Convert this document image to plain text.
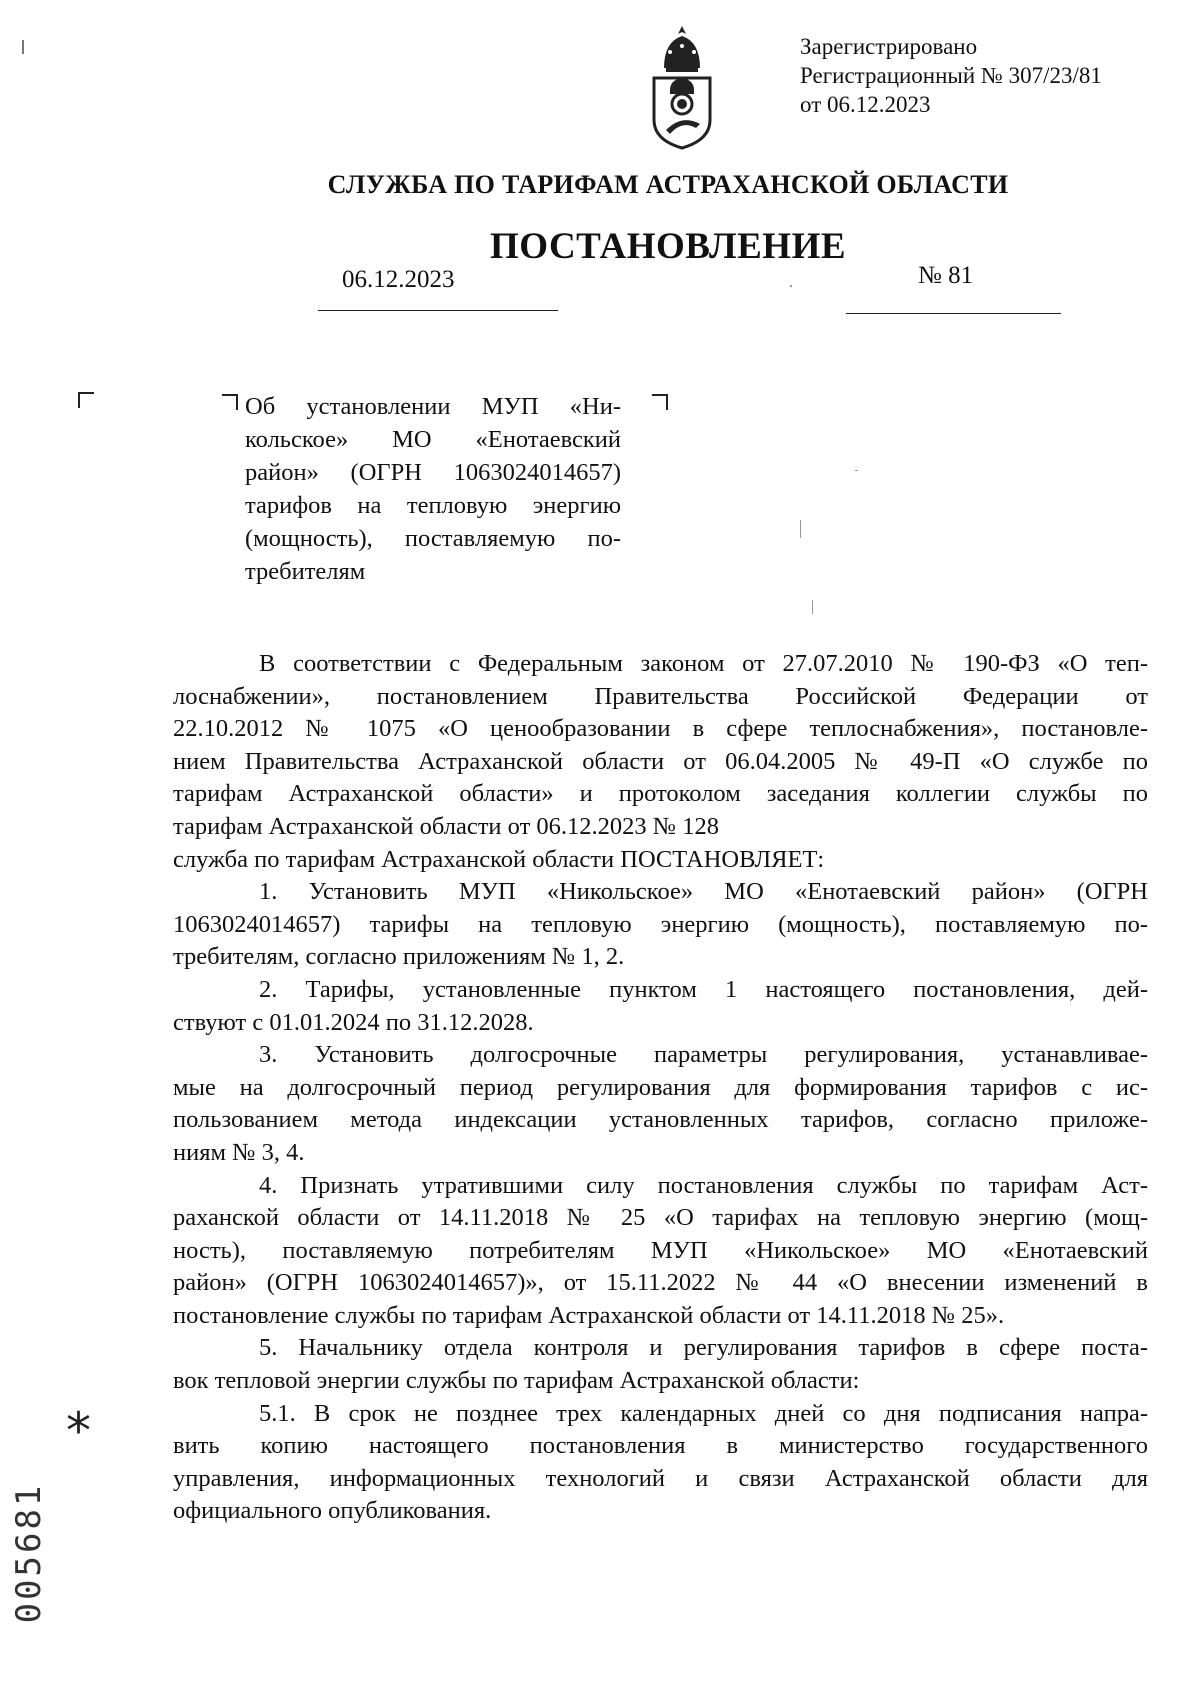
Зарегистрировано
Регистрационный № 307/23/81
от 06.12.2023
СЛУЖБА ПО ТАРИФАМ АСТРАХАНСКОЙ ОБЛАСТИ
ПОСТАНОВЛЕНИЕ
06.12.2023	№ 81
Об установлении МУП «Ни-
кольское» МО «Енотаевский
район» (ОГРН 1063024014657)
тарифов на тепловую энергию
(мощность), поставляемую по-
требителям
В соответствии с Федеральным законом от 27.07.2010 № 190-ФЗ «О теп-
лоснабжении», постановлением Правительства Российской Федерации от
22.10.2012 № 1075 «О ценообразовании в сфере теплоснабжения», постановле-
нием Правительства Астраханской области от 06.04.2005 № 49-П «О службе по
тарифам Астраханской области» и протоколом заседания коллегии службы по
тарифам Астраханской области от 06.12.2023 № 128
служба по тарифам Астраханской области ПОСТАНОВЛЯЕТ:
1. Установить МУП «Никольское» МО «Енотаевский район» (ОГРН
1063024014657) тарифы на тепловую энергию (мощность), поставляемую по-
требителям, согласно приложениям № 1, 2.
2. Тарифы, установленные пунктом 1 настоящего постановления, дей-
ствуют с 01.01.2024 по 31.12.2028.
3. Установить долгосрочные параметры регулирования, устанавливае-
мые на долгосрочный период регулирования для формирования тарифов с ис-
пользованием метода индексации установленных тарифов, согласно приложе-
ниям № 3, 4.
4. Признать утратившими силу постановления службы по тарифам Аст-
раханской области от 14.11.2018 № 25 «О тарифах на тепловую энергию (мощ-
ность), поставляемую потребителям МУП «Никольское» МО «Енотаевский
район» (ОГРН 1063024014657)», от 15.11.2022 № 44 «О внесении изменений в
постановление службы по тарифам Астраханской области от 14.11.2018 № 25».
5. Начальнику отдела контроля и регулирования тарифов в сфере поста-
вок тепловой энергии службы по тарифам Астраханской области:
5.1. В срок не позднее трех календарных дней со дня подписания напра-
вить копию настоящего постановления в министерство государственного
управления, информационных технологий и связи Астраханской области для
официального опубликования.
*
005681
